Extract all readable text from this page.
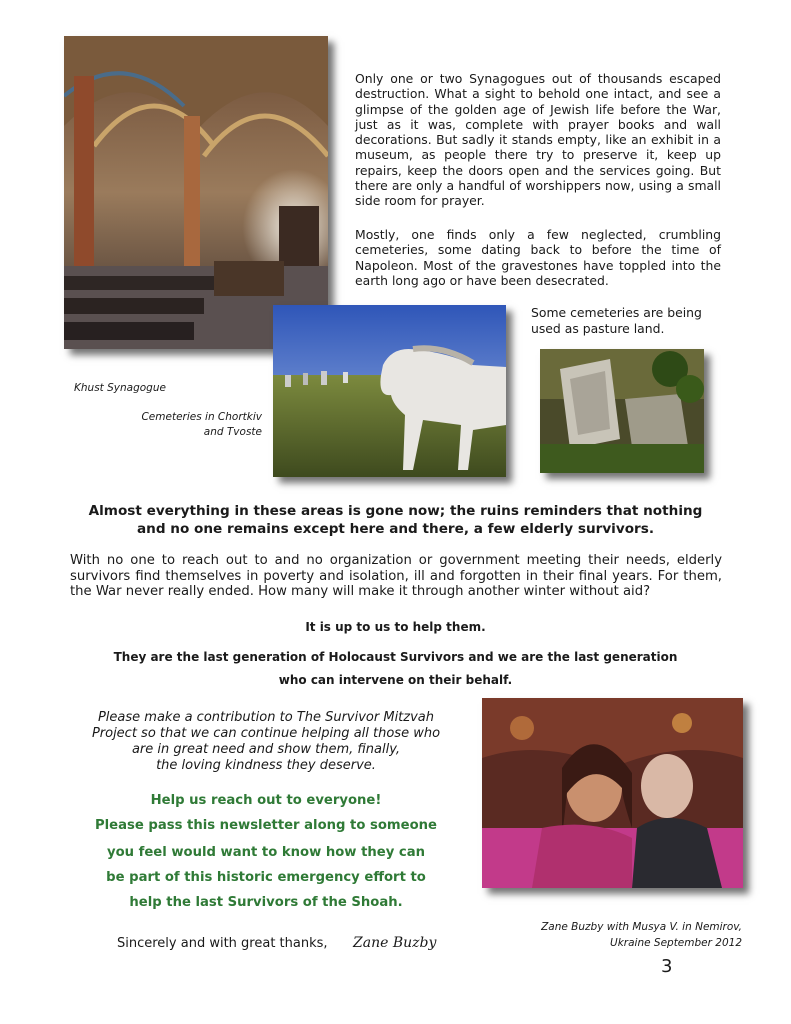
Only one or two Synagogues out of thousands escaped destruction. What a sight to behold one intact, and see a glimpse of the golden age of Jewish life before the War, just as it was, complete with prayer books and wall decorations. But sadly it stands empty, like an exhibit in a museum, as people there try to preserve it, keep up repairs, keep the doors open and the services going. But there are only a handful of worshippers now, using a small side room for prayer.
Mostly, one finds only a few neglected, crumbling cemeteries, some dating back to before the time of Napoleon. Most of the gravestones have toppled into the earth long ago or have been desecrated.
Some cemeteries are being used as pasture land.
Khust Synagogue
Cemeteries in Chortkiv
and Tvoste
Almost everything in these areas is gone now; the ruins reminders that nothing
and no one remains except here and there, a few elderly survivors.
With no one to reach out to and no organization or government meeting their needs, elderly survivors find themselves in poverty and isolation, ill and forgotten in their final years. For them, the War never really ended. How many will make it through another winter without aid?
It is up to us to help them.
They are the last generation of Holocaust Survivors and we are the last generation
who can intervene on their behalf.
Please make a contribution to The Survivor Mitzvah
Project so that we can continue helping all those who
are in great need and show them, finally,
the loving kindness they deserve.
Help us reach out to everyone!
Please pass this newsletter along to someone
you feel would want to know how they can
be part of this historic emergency effort to
help the last Survivors of the Shoah.
Zane Buzby with Musya V. in Nemirov,
Ukraine September 2012
Sincerely and with great thanks, Zane Buzby
3
